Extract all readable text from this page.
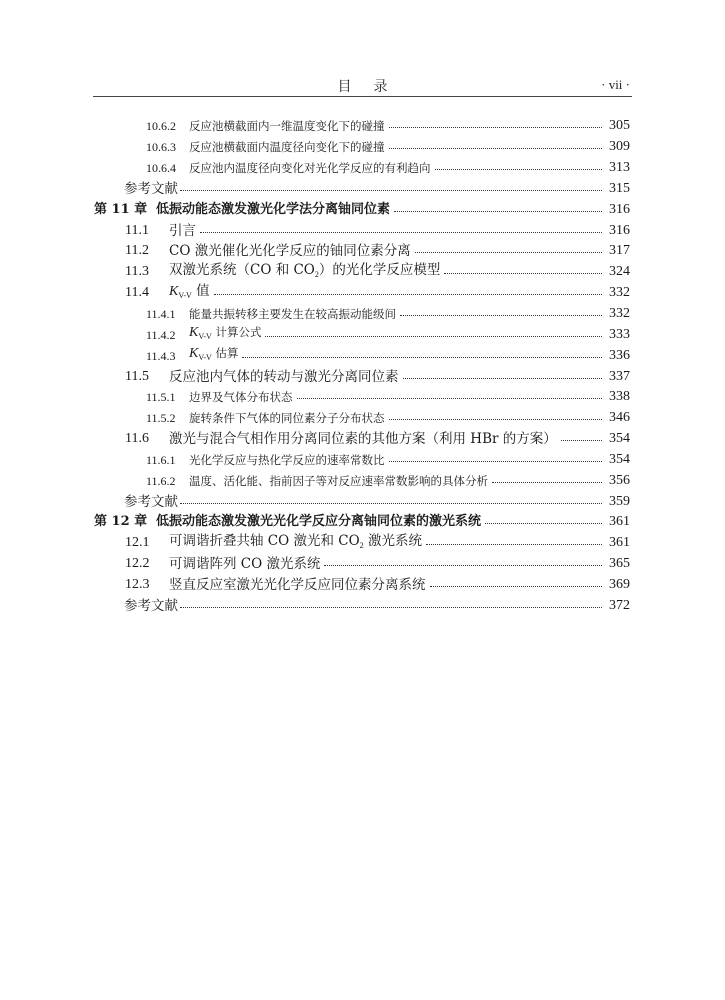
目录	· vii ·
10.6.2	反应池横截面内一维温度变化下的碰撞	305
10.6.3	反应池横截面内温度径向变化下的碰撞	309
10.6.4	反应池内温度径向变化对光化学反应的有利趋向	313
参考文献	315
第 11 章 低振动能态激发激光化学法分离铀同位素	316
11.1	引言	316
11.2	CO 激光催化光化学反应的铀同位素分离	317
11.3	双激光系统（CO 和 $CO_2$）的光化学反应模型	324
11.4	$K_{V-V}$ 值	332
11.4.1	能量共振转移主要发生在较高振动能级间	332
11.4.2 $K_{V-V}$ 计算公式	333
11.4.3 $K_{V-V}$ 估算	336
11.5	反应池内气体的转动与激光分离同位素	337
11.5.1	边界及气体分布状态	338
11.5.2	旋转条件下气体的同位素分子分布状态	346
11.6	激光与混合气相作用分离同位素的其他方案（利用 HBr 的方案）	354
11.6.1	光化学反应与热化学反应的速率常数比	354
11.6.2	温度、活化能、指前因子等对反应速率常数影响的具体分析	356
参考文献	359
第 12 章 低振动能态激发激光光化学反应分离铀同位素的激光系统	361
12.1	可调谐折叠共轴 CO 激光和 $CO_2$ 激光系统	361
12.2	可调谐阵列 CO 激光系统	365
12.3	竖直反应室激光光化学反应同位素分离系统	369
参考文献	372
